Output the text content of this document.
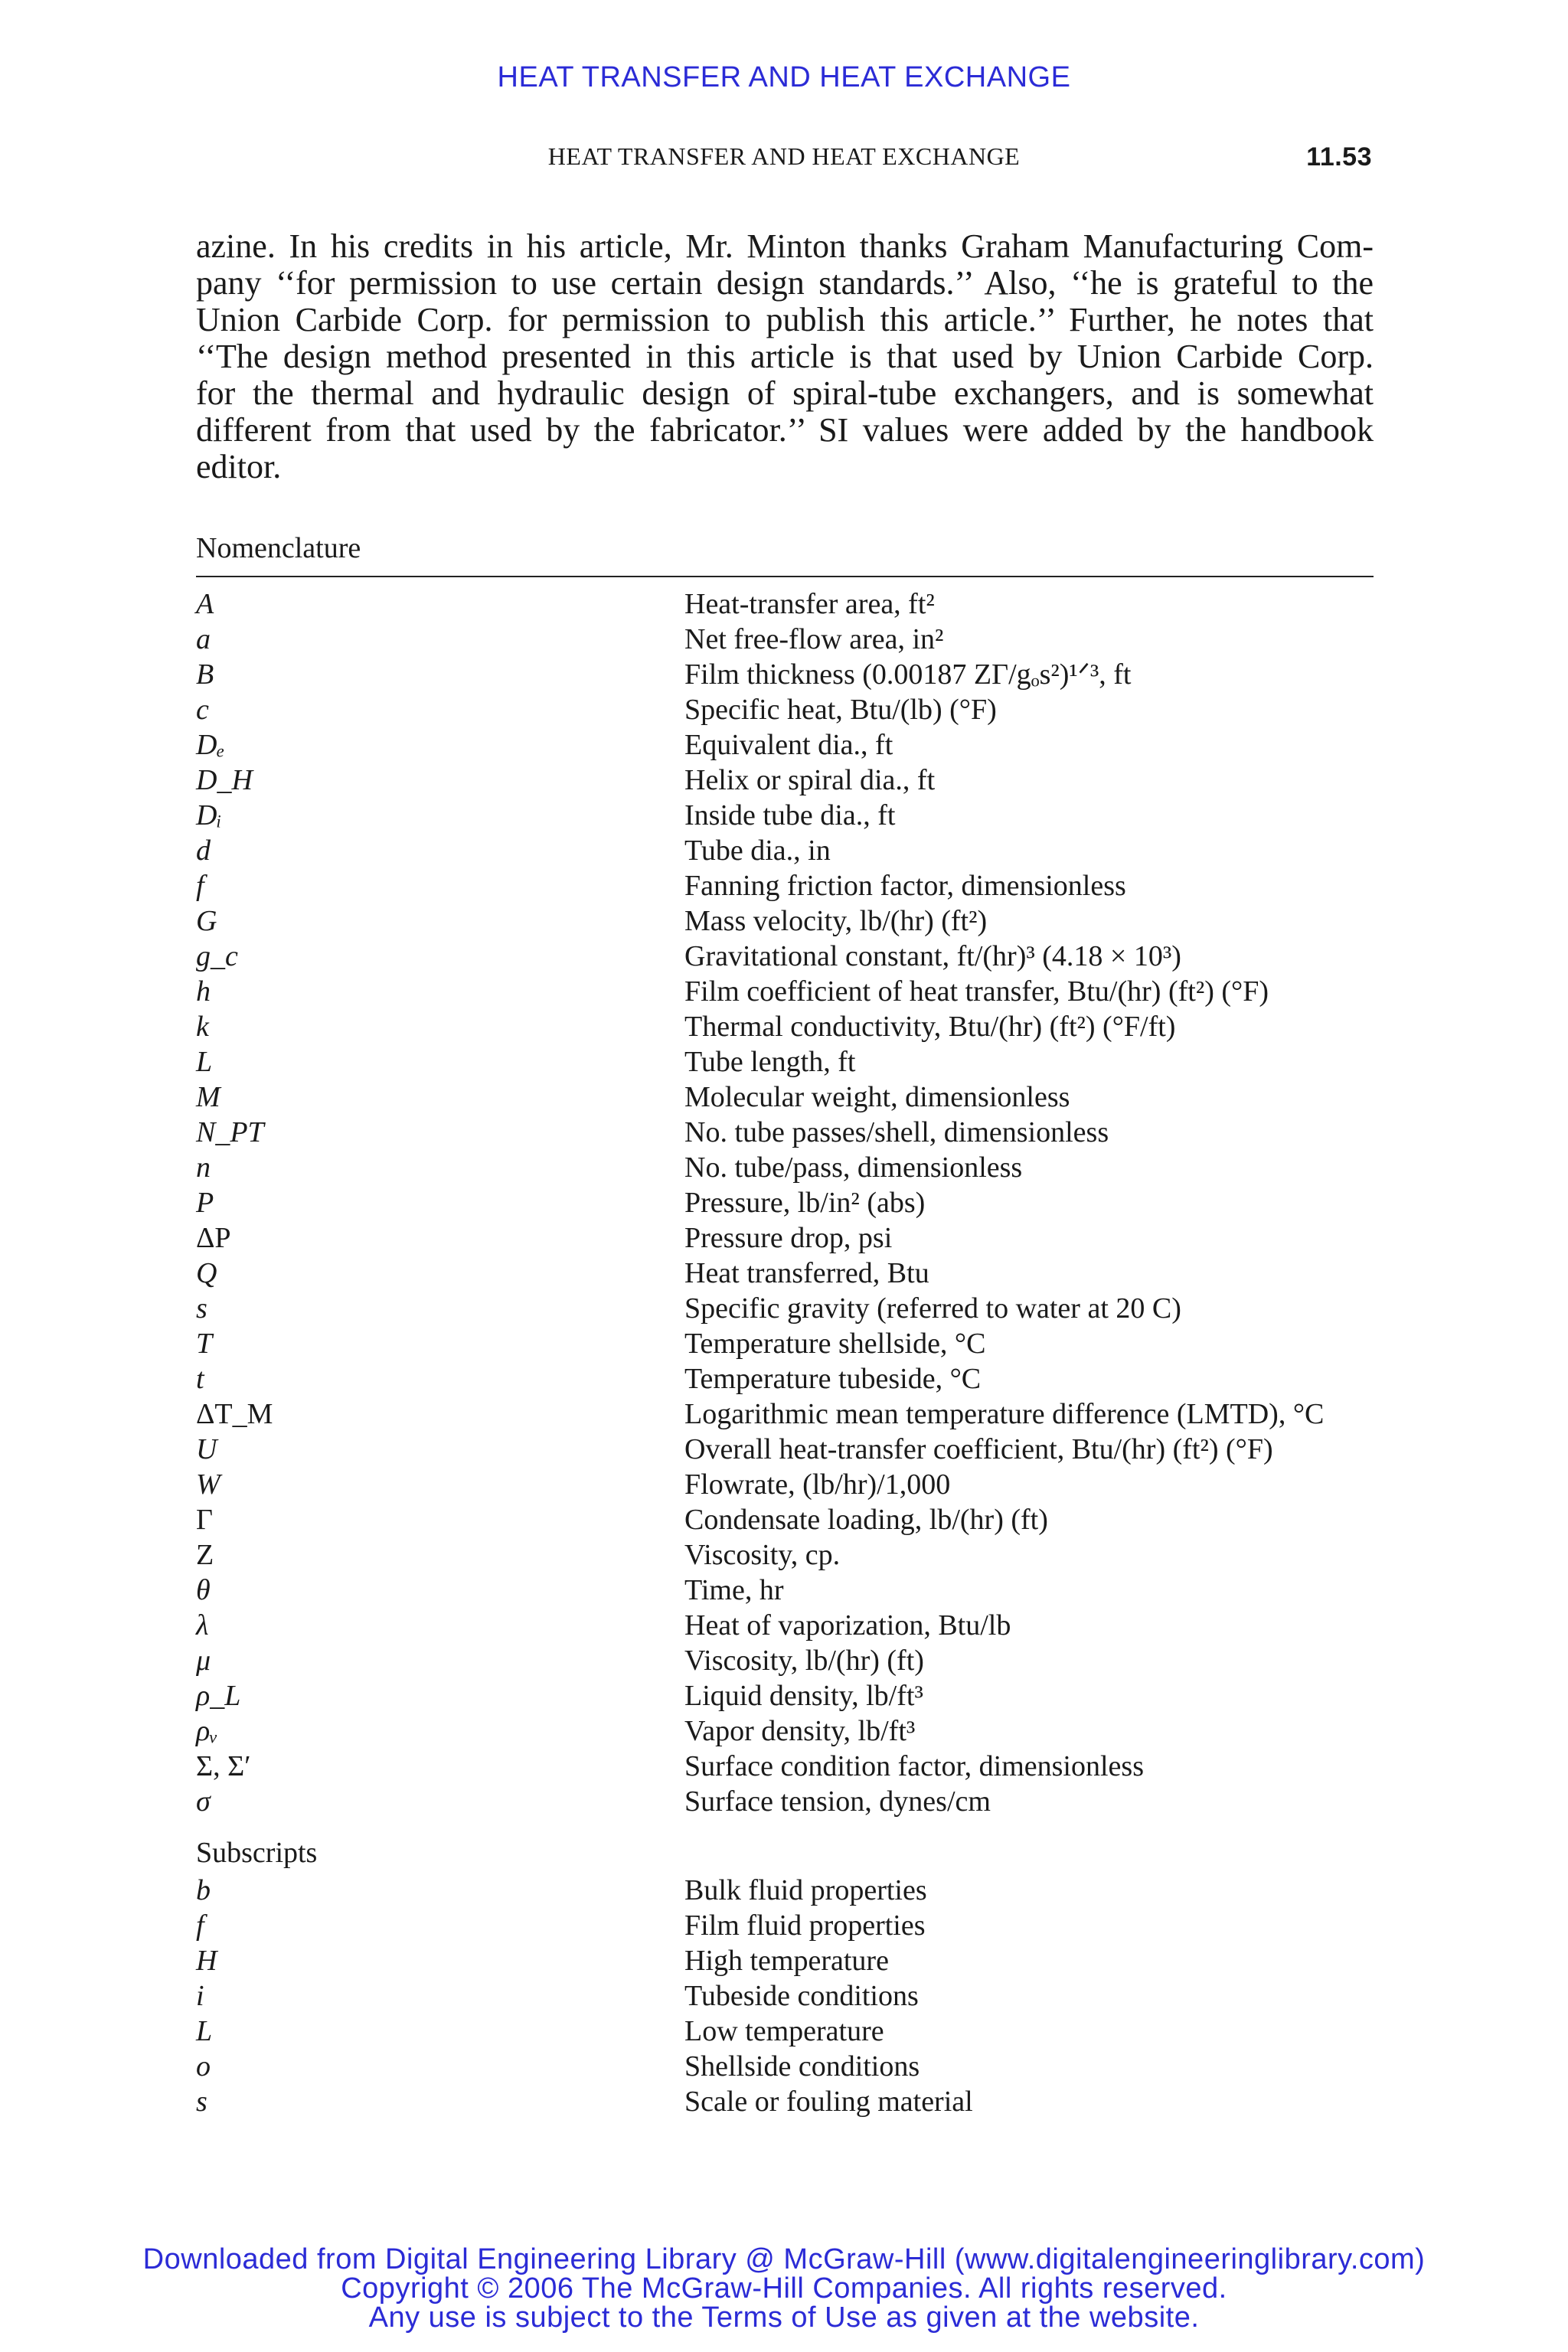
HEAT TRANSFER AND HEAT EXCHANGE
HEAT TRANSFER AND HEAT EXCHANGE	11.53
azine. In his credits in his article, Mr. Minton thanks Graham Manufacturing Com-
pany ‘‘for permission to use certain design standards.’’ Also, ‘‘he is grateful to the
Union Carbide Corp. for permission to publish this article.’’ Further, he notes that
‘‘The design method presented in this article is that used by Union Carbide Corp.
for the thermal and hydraulic design of spiral-tube exchangers, and is somewhat
different from that used by the fabricator.’’ SI values were added by the handbook
editor.
Nomenclature
A	Heat-transfer area, ft²
a	Net free-flow area, in²
B	Film thickness (0.00187 ZΓ/gₒs²)¹ᐟ³, ft
c	Specific heat, Btu/(lb) (°F)
Dₑ	Equivalent dia., ft
D_H	Helix or spiral dia., ft
Dᵢ	Inside tube dia., ft
d	Tube dia., in
f	Fanning friction factor, dimensionless
G	Mass velocity, lb/(hr) (ft²)
g_c	Gravitational constant, ft/(hr)³ (4.18 × 10³)
h	Film coefficient of heat transfer, Btu/(hr) (ft²) (°F)
k	Thermal conductivity, Btu/(hr) (ft²) (°F/ft)
L	Tube length, ft
M	Molecular weight, dimensionless
N_PT	No. tube passes/shell, dimensionless
n	No. tube/pass, dimensionless
P	Pressure, lb/in² (abs)
ΔP	Pressure drop, psi
Q	Heat transferred, Btu
s	Specific gravity (referred to water at 20 C)
T	Temperature shellside, °C
t	Temperature tubeside, °C
ΔT_M	Logarithmic mean temperature difference (LMTD), °C
U	Overall heat-transfer coefficient, Btu/(hr) (ft²) (°F)
W	Flowrate, (lb/hr)/1,000
Γ	Condensate loading, lb/(hr) (ft)
Z	Viscosity, cp.
θ	Time, hr
λ	Heat of vaporization, Btu/lb
μ	Viscosity, lb/(hr) (ft)
ρ_L	Liquid density, lb/ft³
ρᵥ	Vapor density, lb/ft³
Σ, Σ′	Surface condition factor, dimensionless
σ	Surface tension, dynes/cm
Subscripts
b	Bulk fluid properties
f	Film fluid properties
H	High temperature
i	Tubeside conditions
L	Low temperature
o	Shellside conditions
s	Scale or fouling material
Downloaded from Digital Engineering Library @ McGraw-Hill (www.digitalengineeringlibrary.com)
Copyright © 2006 The McGraw-Hill Companies. All rights reserved.
Any use is subject to the Terms of Use as given at the website.
